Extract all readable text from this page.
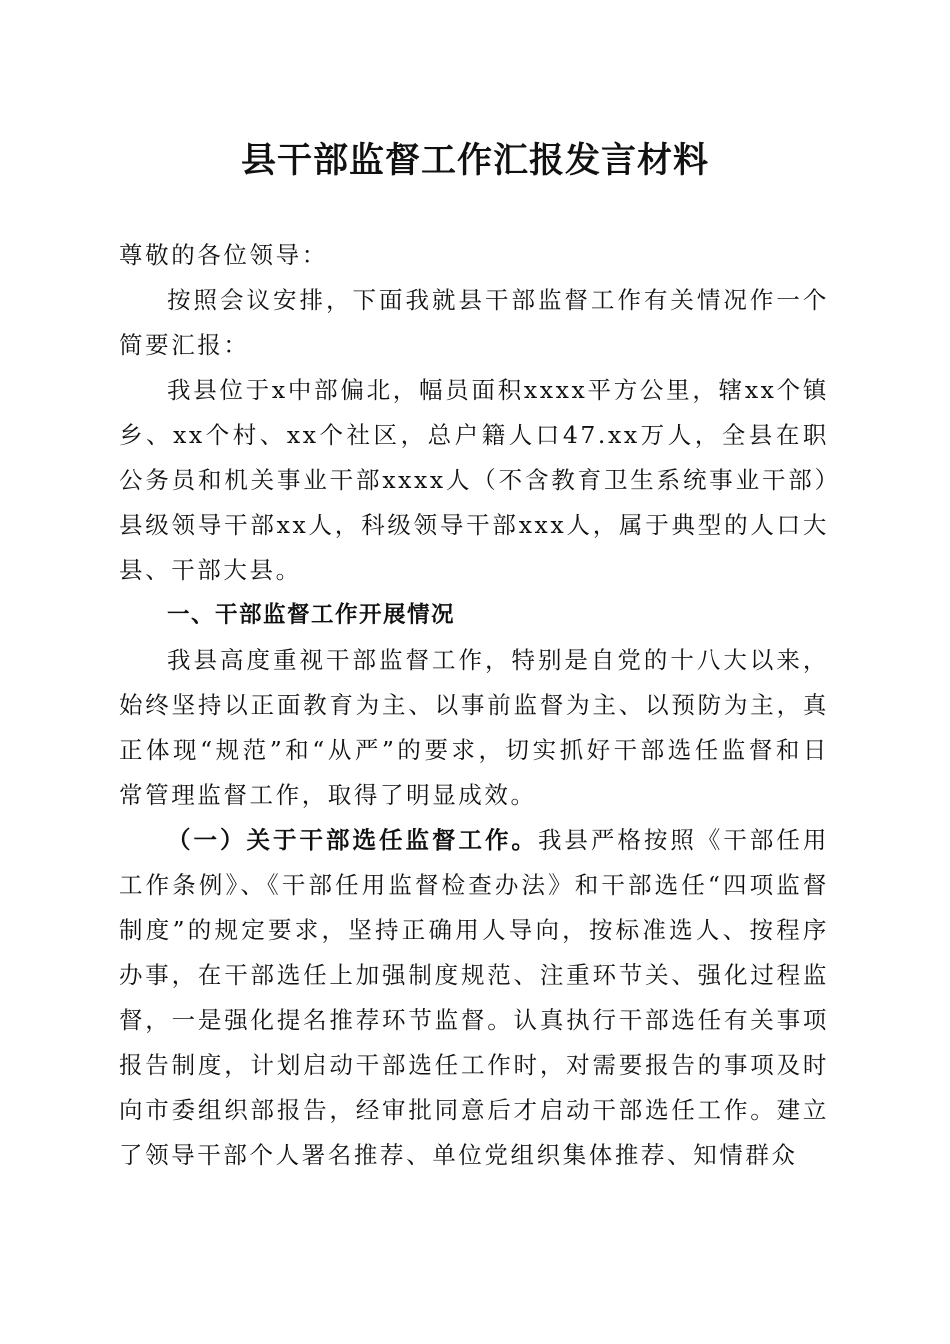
县干部监督工作汇报发言材料

尊敬的各位领导：

按照会议安排，下面我就县干部监督工作有关情况作一个简要汇报：

我县位于x中部偏北，幅员面积xxxx平方公里，辖xx个镇乡、xx个村、xx个社区，总户籍人口47.xx万人，全县在职公务员和机关事业干部xxxx人（不含教育卫生系统事业干部）县级领导干部xx人，科级领导干部xxx人，属于典型的人口大县、干部大县。

一、干部监督工作开展情况

我县高度重视干部监督工作，特别是自党的十八大以来，始终坚持以正面教育为主、以事前监督为主、以预防为主，真正体现“规范”和“从严”的要求，切实抓好干部选任监督和日常管理监督工作，取得了明显成效。

（一）关于干部选任监督工作。我县严格按照《干部任用工作条例》、《干部任用监督检查办法》和干部选任“四项监督制度”的规定要求，坚持正确用人导向，按标准选人、按程序办事，在干部选任上加强制度规范、注重环节关、强化过程监督，一是强化提名推荐环节监督。认真执行干部选任有关事项报告制度，计划启动干部选任工作时，对需要报告的事项及时向市委组织部报告，经审批同意后才启动干部选任工作。建立了领导干部个人署名推荐、单位党组织集体推荐、知情群众
